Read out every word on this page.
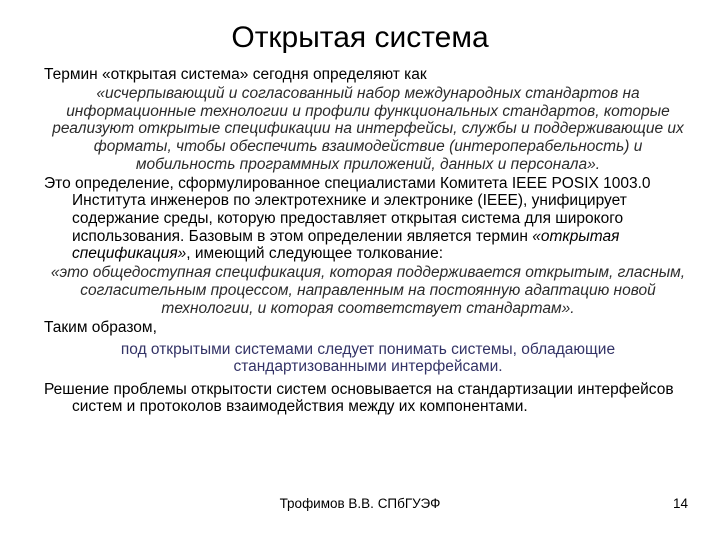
Открытая система
Термин «открытая система» сегодня определяют как
«исчерпывающий и согласованный набор международных стандартов на информационные технологии и профили функциональных стандартов, которые реализуют открытые спецификации на интерфейсы, службы и поддерживающие их форматы, чтобы обеспечить взаимодействие (интероперабельность) и мобильность программных приложений, данных и персонала».
Это определение, сформулированное специалистами Комитета IEEE POSIX 1003.0 Института инженеров по электротехнике и электронике (IEEE), унифицирует содержание среды, которую предоставляет открытая система для широкого использования. Базовым в этом определении является термин «открытая спецификация», имеющий следующее толкование:
«это общедоступная спецификация, которая поддерживается открытым, гласным, согласительным процессом, направленным на постоянную адаптацию новой технологии, и которая соответствует стандартам».
Таким образом,
под открытыми системами следует понимать системы, обладающие стандартизованными интерфейсами.
Решение проблемы открытости систем основывается на стандартизации интерфейсов систем и протоколов взаимодействия между их компонентами.
Трофимов В.В. СПбГУЭФ	14
